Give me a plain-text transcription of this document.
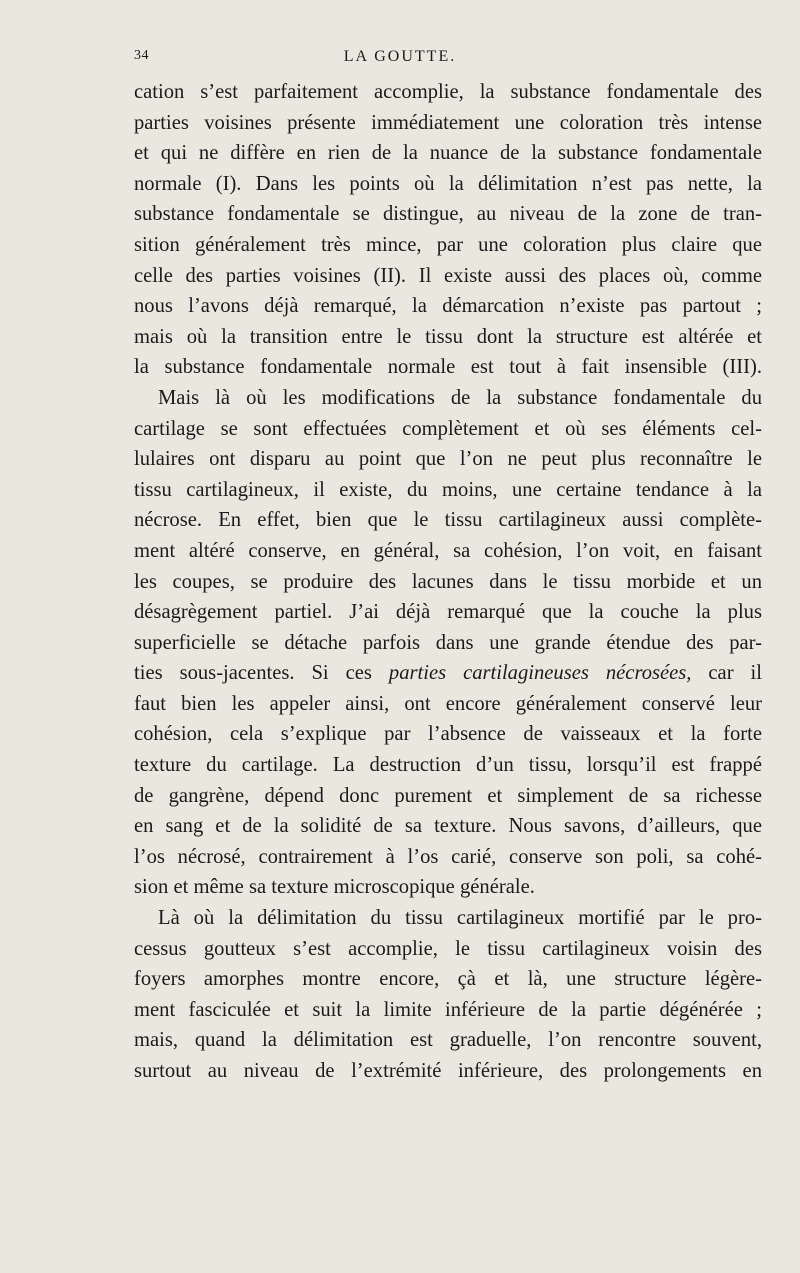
34	LA GOUTTE.
cation s’est parfaitement accomplie, la substance fondamentale des
parties voisines présente immédiatement une coloration très intense
et qui ne diffère en rien de la nuance de la substance fondamentale
normale (I). Dans les points où la délimitation n’est pas nette, la
substance fondamentale se distingue, au niveau de la zone de tran-
sition généralement très mince, par une coloration plus claire que
celle des parties voisines (II). Il existe aussi des places où, comme
nous l’avons déjà remarqué, la démarcation n’existe pas partout ;
mais où la transition entre le tissu dont la structure est altérée et
la substance fondamentale normale est tout à fait insensible (III).
Mais là où les modifications de la substance fondamentale du
cartilage se sont effectuées complètement et où ses éléments cel-
lulaires ont disparu au point que l’on ne peut plus reconnaître le
tissu cartilagineux, il existe, du moins, une certaine tendance à la
nécrose. En effet, bien que le tissu cartilagineux aussi complète-
ment altéré conserve, en général, sa cohésion, l’on voit, en faisant
les coupes, se produire des lacunes dans le tissu morbide et un
désagrègement partiel. J’ai déjà remarqué que la couche la plus
superficielle se détache parfois dans une grande étendue des par-
ties sous-jacentes. Si ces parties cartilagineuses nécrosées, car il
faut bien les appeler ainsi, ont encore généralement conservé leur
cohésion, cela s’explique par l’absence de vaisseaux et la forte
texture du cartilage. La destruction d’un tissu, lorsqu’il est frappé
de gangrène, dépend donc purement et simplement de sa richesse
en sang et de la solidité de sa texture. Nous savons, d’ailleurs, que
l’os nécrosé, contrairement à l’os carié, conserve son poli, sa cohé-
sion et même sa texture microscopique générale.
Là où la délimitation du tissu cartilagineux mortifié par le pro-
cessus goutteux s’est accomplie, le tissu cartilagineux voisin des
foyers amorphes montre encore, çà et là, une structure légère-
ment fasciculée et suit la limite inférieure de la partie dégénérée ;
mais, quand la délimitation est graduelle, l’on rencontre souvent,
surtout au niveau de l’extrémité inférieure, des prolongements en
